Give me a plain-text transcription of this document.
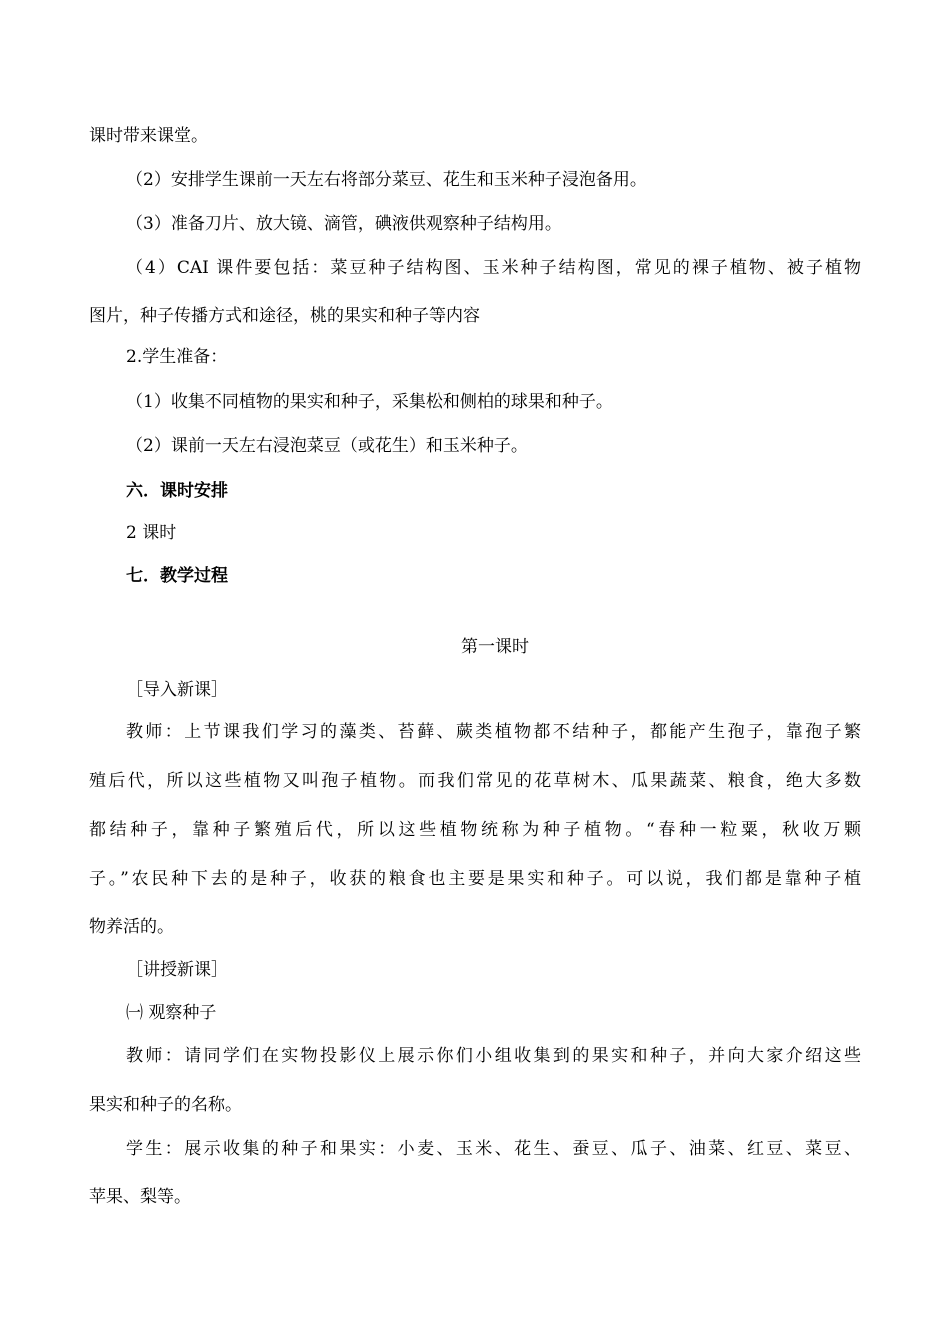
课时带来课堂。
（2）安排学生课前一天左右将部分菜豆、花生和玉米种子浸泡备用。
（3）准备刀片、放大镜、滴管，碘液供观察种子结构用。
（4）CAI 课件要包括：菜豆种子结构图、玉米种子结构图，常见的裸子植物、被子植物
图片，种子传播方式和途径，桃的果实和种子等内容
2.学生准备：
（1）收集不同植物的果实和种子，采集松和侧柏的球果和种子。
（2）课前一天左右浸泡菜豆（或花生）和玉米种子。
六．课时安排
2 课时
七．教学过程
第一课时
［导入新课］
教师：上节课我们学习的藻类、苔藓、蕨类植物都不结种子，都能产生孢子，靠孢子繁
殖后代，所以这些植物又叫孢子植物。而我们常见的花草树木、瓜果蔬菜、粮食，绝大多数
都结种子，靠种子繁殖后代，所以这些植物统称为种子植物。“春种一粒粟，秋收万颗
子。”农民种下去的是种子，收获的粮食也主要是果实和种子。可以说，我们都是靠种子植
物养活的。
［讲授新课］
㈠ 观察种子
教师：请同学们在实物投影仪上展示你们小组收集到的果实和种子，并向大家介绍这些
果实和种子的名称。
学生：展示收集的种子和果实：小麦、玉米、花生、蚕豆、瓜子、油菜、红豆、菜豆、
苹果、梨等。
